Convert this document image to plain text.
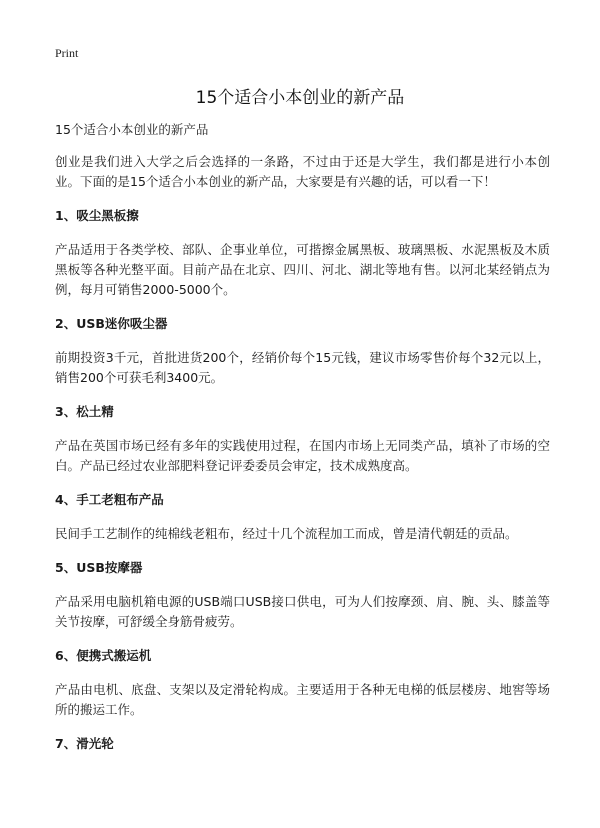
Print
15个适合小本创业的新产品

15个适合小本创业的新产品

创业是我们进入大学之后会选择的一条路，不过由于还是大学生，我们都是进行小本创业。下面的是15个适合小本创业的新产品，大家要是有兴趣的话，可以看一下！

1、吸尘黑板擦

产品适用于各类学校、部队、企事业单位，可揩擦金属黑板、玻璃黑板、水泥黑板及木质黑板等各种光整平面。目前产品在北京、四川、河北、湖北等地有售。以河北某经销点为例，每月可销售2000-5000个。

2、USB迷你吸尘器

前期投资3千元，首批进货200个，经销价每个15元钱，建议市场零售价每个32元以上，销售200个可获毛利3400元。

3、松土精

产品在英国市场已经有多年的实践使用过程，在国内市场上无同类产品，填补了市场的空白。产品已经过农业部肥料登记评委委员会审定，技术成熟度高。

4、手工老粗布产品

民间手工艺制作的纯棉线老粗布，经过十几个流程加工而成，曾是清代朝廷的贡品。

5、USB按摩器

产品采用电脑机箱电源的USB端口USB接口供电，可为人们按摩颈、肩、腕、头、膝盖等关节按摩，可舒缓全身筋骨疲劳。

6、便携式搬运机

产品由电机、底盘、支架以及定滑轮构成。主要适用于各种无电梯的低层楼房、地窖等场所的搬运工作。

7、滑光轮
